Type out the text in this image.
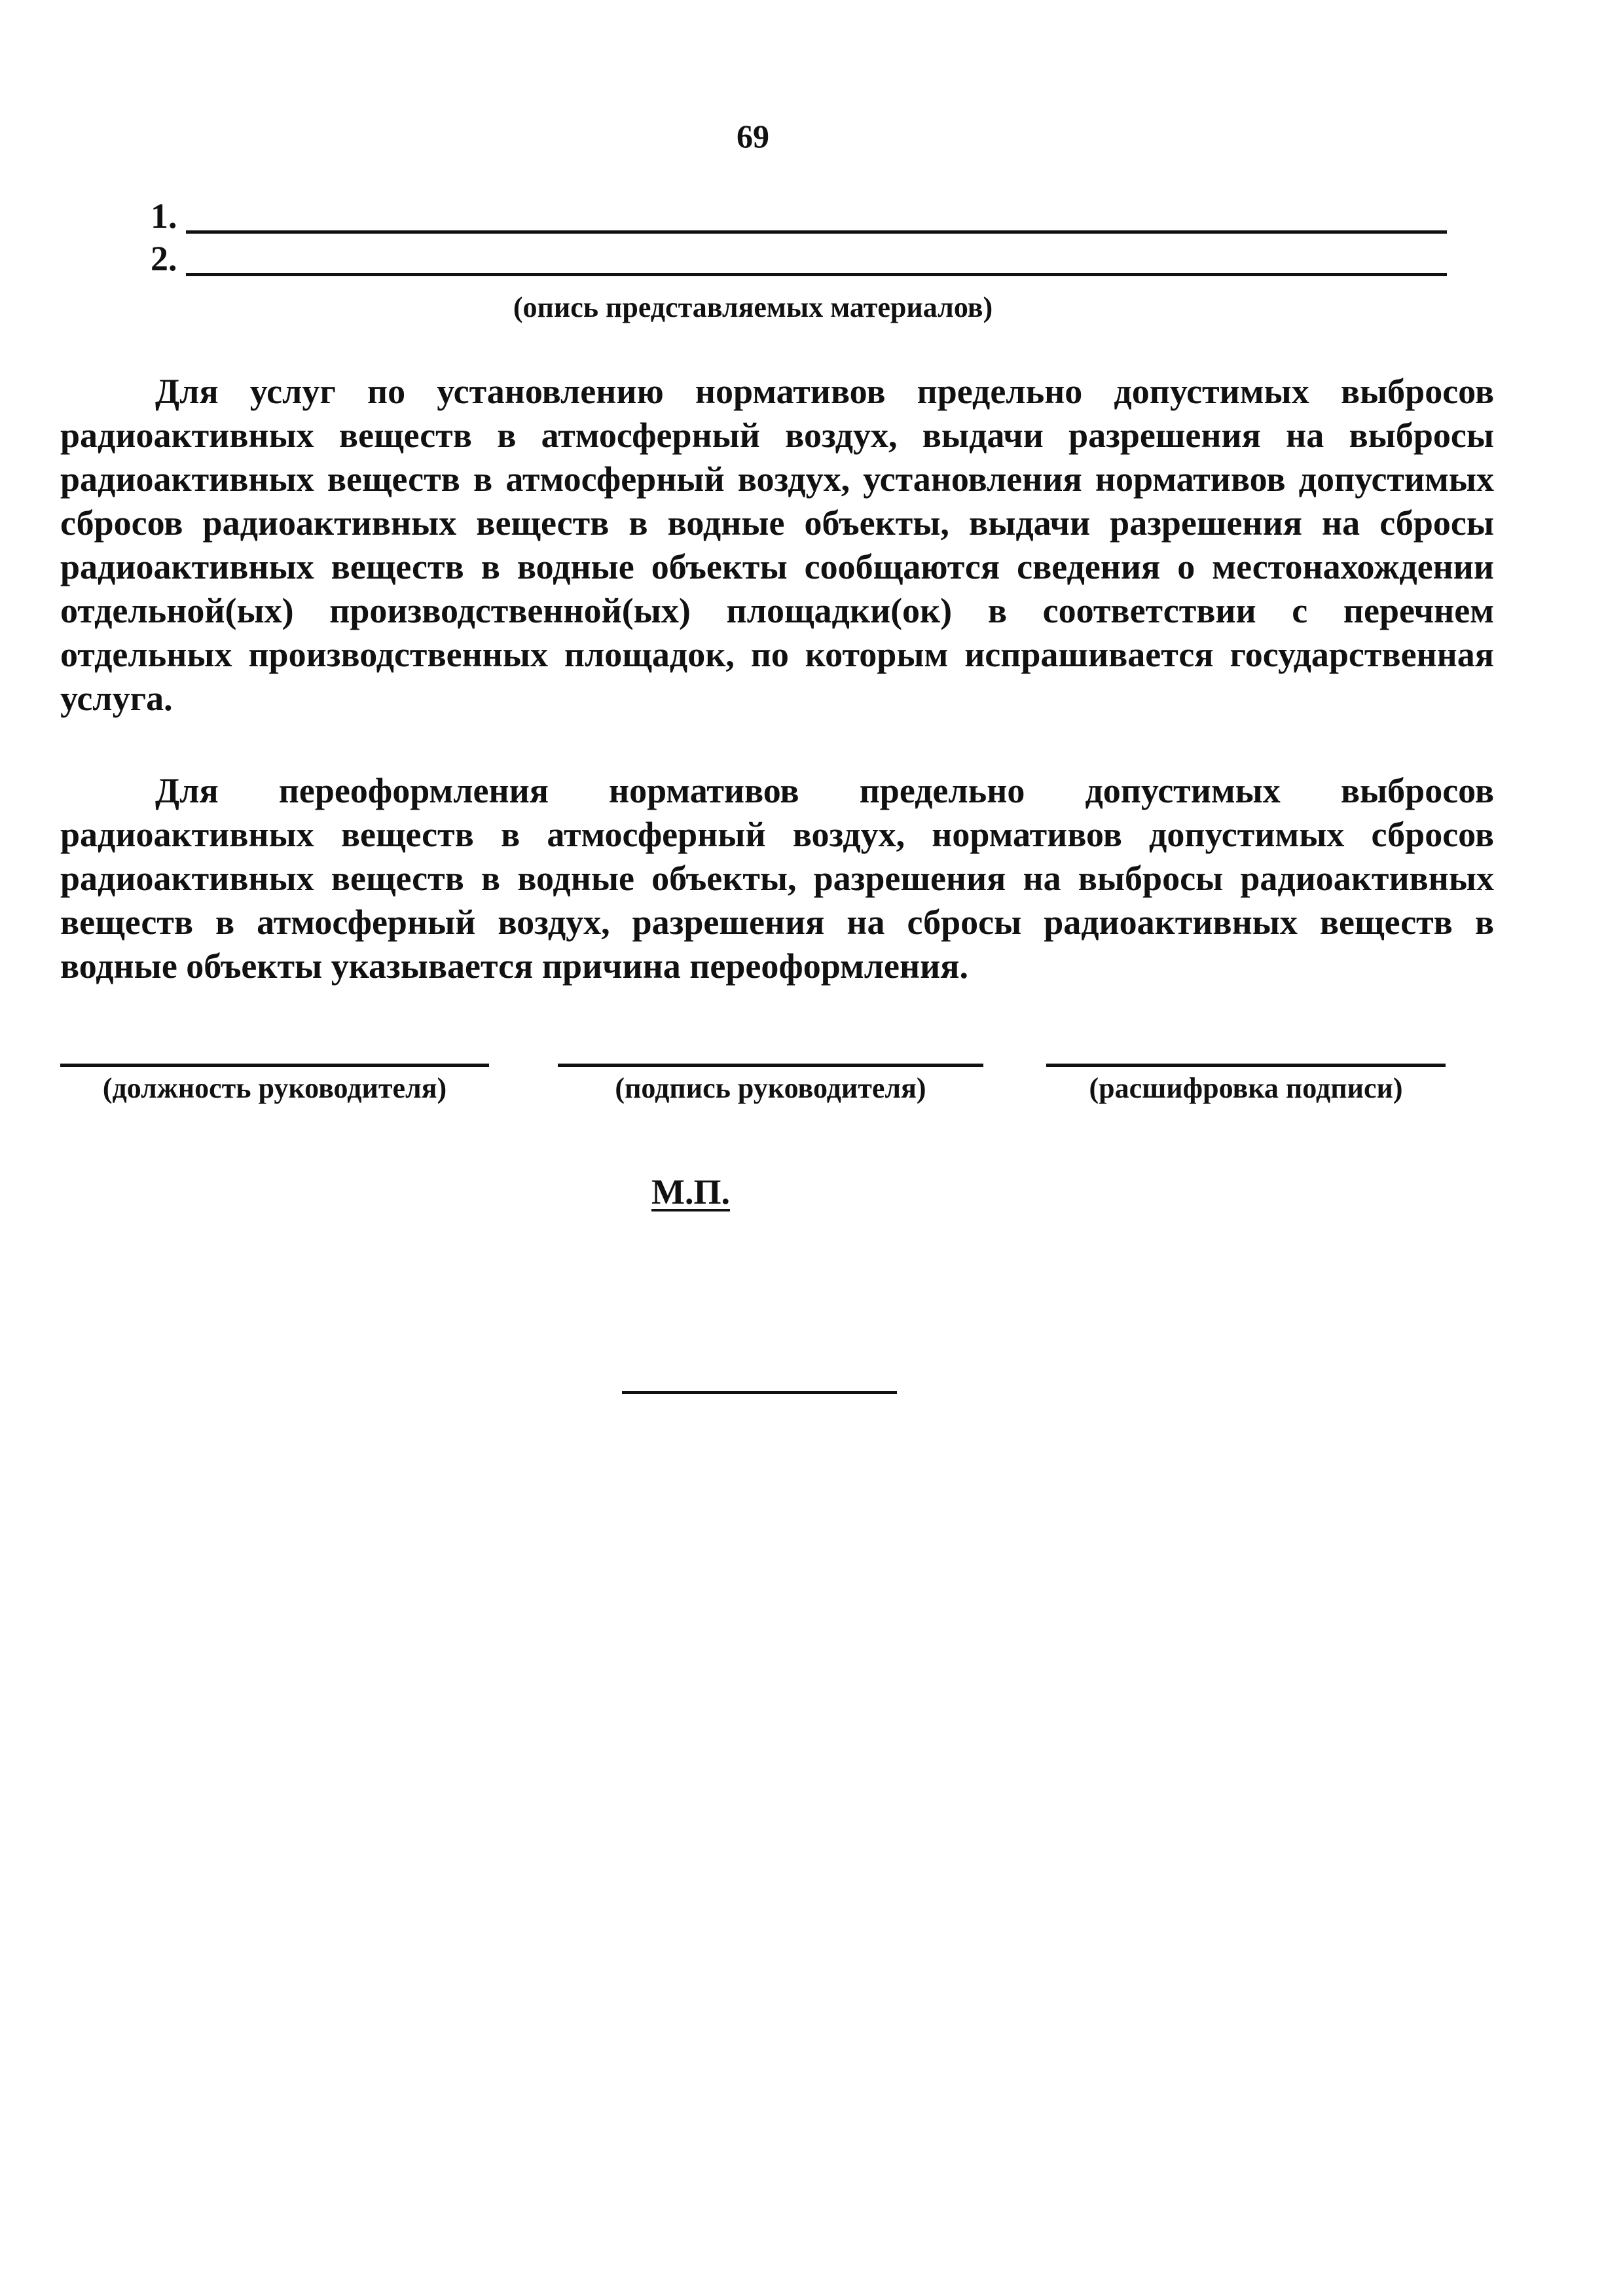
69
1.
2.
(опись представляемых материалов)

Для услуг по установлению нормативов предельно допустимых выбросов радиоактивных веществ в атмосферный воздух, выдачи разрешения на выбросы радиоактивных веществ в атмосферный воздух, установления нормативов допустимых сбросов радиоактивных веществ в водные объекты, выдачи разрешения на сбросы радиоактивных веществ в водные объекты сообщаются сведения о местонахождении отдельной(ых) производственной(ых) площадки(ок) в соответствии с перечнем отдельных производственных площадок, по которым испрашивается государственная услуга.

Для переоформления нормативов предельно допустимых выбросов радиоактивных веществ в атмосферный воздух, нормативов допустимых сбросов радиоактивных веществ в водные объекты, разрешения на выбросы радиоактивных веществ в атмосферный воздух, разрешения на сбросы радиоактивных веществ в водные объекты указывается причина переоформления.

(должность руководителя)	(подпись руководителя)	(расшифровка подписи)
М.П.
